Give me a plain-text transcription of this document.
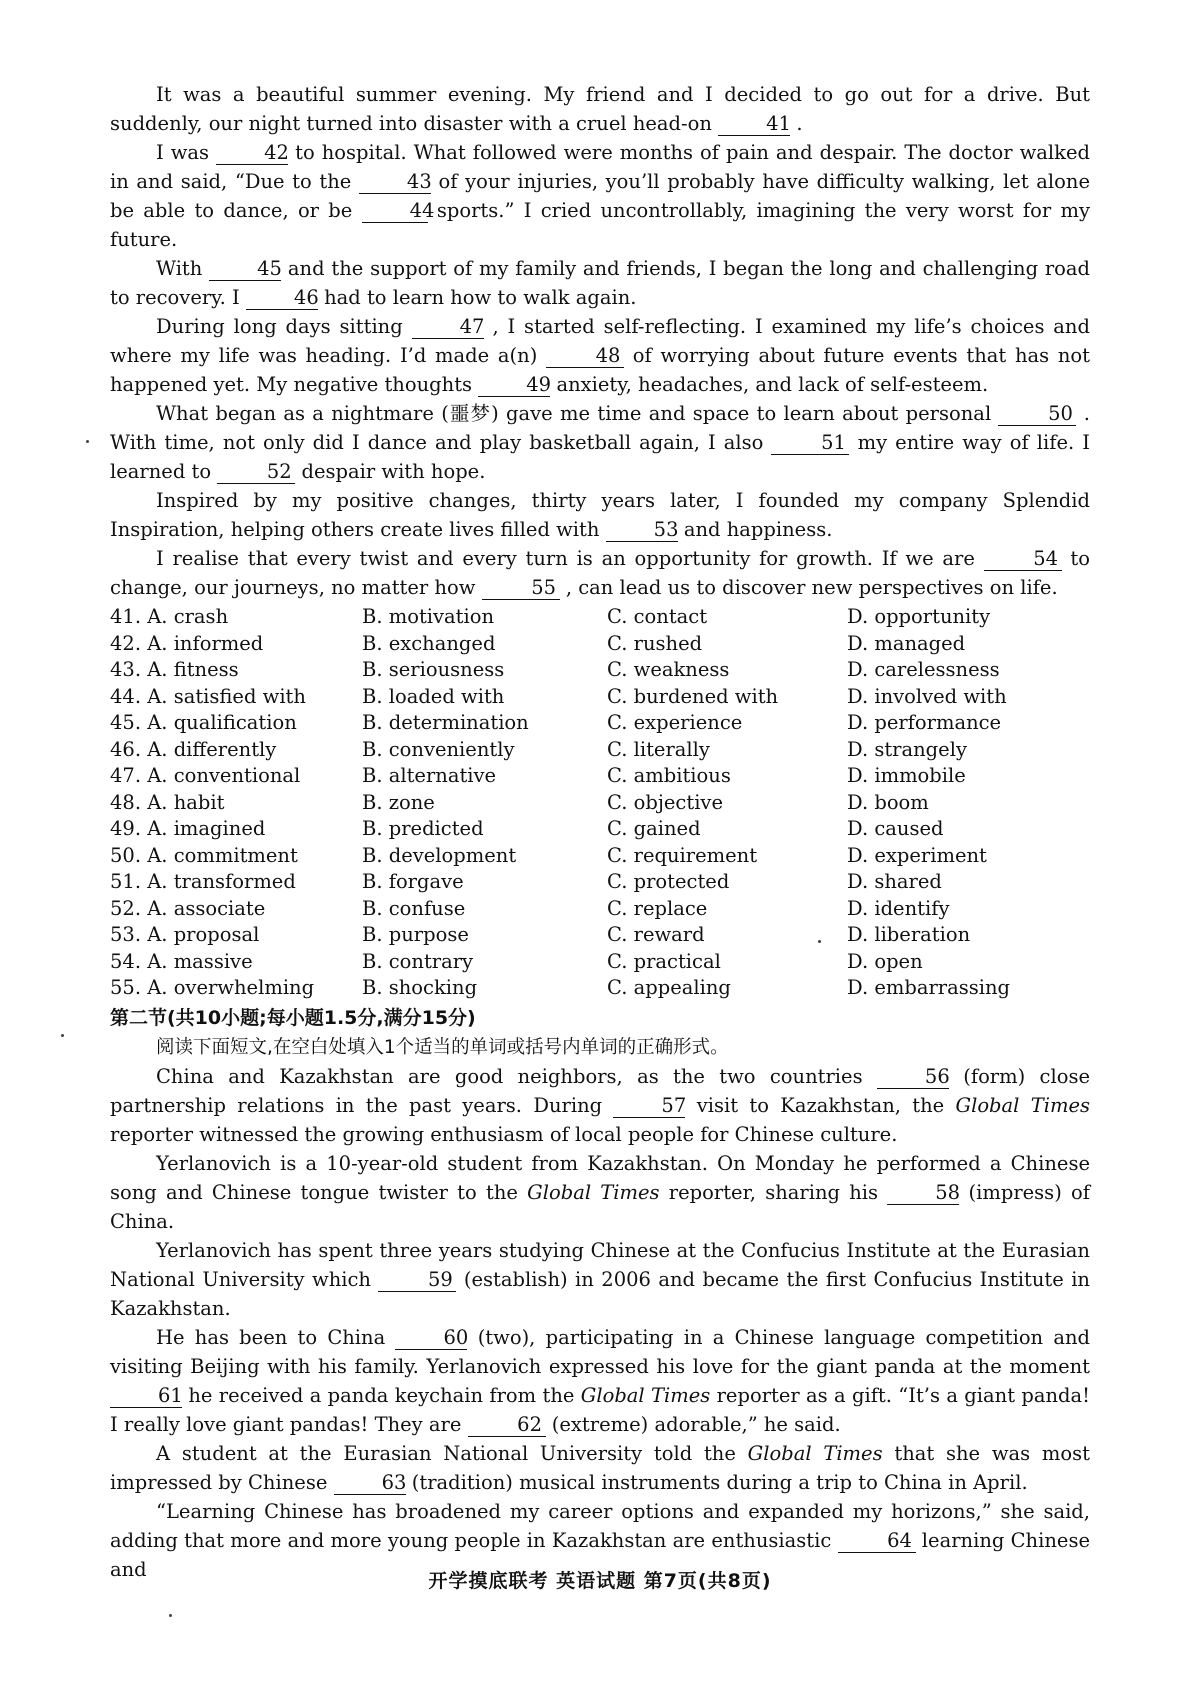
It was a beautiful summer evening. My friend and I decided to go out for a drive. But suddenly, our night turned into disaster with a cruel head-on 41 .

I was 42 to hospital. What followed were months of pain and despair. The doctor walked in and said, “Due to the 43 of your injuries, you’ll probably have difficulty walking, let alone be able to dance, or be 44 sports.” I cried uncontrollably, imagining the very worst for my future.

With 45 and the support of my family and friends, I began the long and challenging road to recovery. I 46 had to learn how to walk again.

During long days sitting 47 , I started self-reflecting. I examined my life’s choices and where my life was heading. I’d made a(n)	48 of worrying about future events that has not happened yet. My negative thoughts 49 anxiety, headaches, and lack of self-esteem.

What began as a nightmare (噩梦) gave me time and space to learn about personal	50 . With time, not only did I dance and play basketball again, I also	51 my entire way of life. I learned to	52 despair with hope.

Inspired by my positive changes, thirty years later, I founded my company Splendid Inspiration, helping others create lives filled with 53 and happiness.

I realise that every twist and every turn is an opportunity for growth. If we are	54 to change, our journeys, no matter how	55 , can lead us to discover new perspectives on life.

41. A. crash	B. motivation	C. contact	D. opportunity
42. A. informed	B. exchanged	C. rushed	D. managed
43. A. fitness	B. seriousness	C. weakness	D. carelessness
44. A. satisfied with	B. loaded with	C. burdened with	D. involved with
45. A. qualification	B. determination	C. experience	D. performance
46. A. differently	B. conveniently	C. literally	D. strangely
47. A. conventional	B. alternative	C. ambitious	D. immobile
48. A. habit	B. zone	C. objective	D. boom
49. A. imagined	B. predicted	C. gained	D. caused
50. A. commitment	B. development	C. requirement	D. experiment
51. A. transformed	B. forgave	C. protected	D. shared
52. A. associate	B. confuse	C. replace	D. identify
53. A. proposal	B. purpose	C. reward	D. liberation
54. A. massive	B. contrary	C. practical	D. open
55. A. overwhelming	B. shocking	C. appealing	D. embarrassing
第二节(共10小题;每小题1.5分,满分15分)

阅读下面短文,在空白处填入1个适当的单词或括号内单词的正确形式。

China and Kazakhstan are good neighbors, as the two countries 56 (form) close partnership relations in the past years. During 57 visit to Kazakhstan, the Global Times reporter witnessed the growing enthusiasm of local people for Chinese culture.

Yerlanovich is a 10-year-old student from Kazakhstan. On Monday he performed a Chinese song and Chinese tongue twister to the Global Times reporter, sharing his 58 (impress) of China.

Yerlanovich has spent three years studying Chinese at the Confucius Institute at the Eurasian National University which	59 (establish) in 2006 and became the first Confucius Institute in Kazakhstan.

He has been to China 60 (two), participating in a Chinese language competition and visiting Beijing with his family. Yerlanovich expressed his love for the giant panda at the moment 61 he received a panda keychain from the Global Times reporter as a gift. “It’s a giant panda! I really love giant pandas! They are	62 (extreme) adorable,” he said.

A student at the Eurasian National University told the Global Times that she was most impressed by Chinese 63 (tradition) musical instruments during a trip to China in April.

“Learning Chinese has broadened my career options and expanded my horizons,” she said, adding that more and more young people in Kazakhstan are enthusiastic	64 learning Chinese and

开学摸底联考 英语试题 第7页(共8页)
